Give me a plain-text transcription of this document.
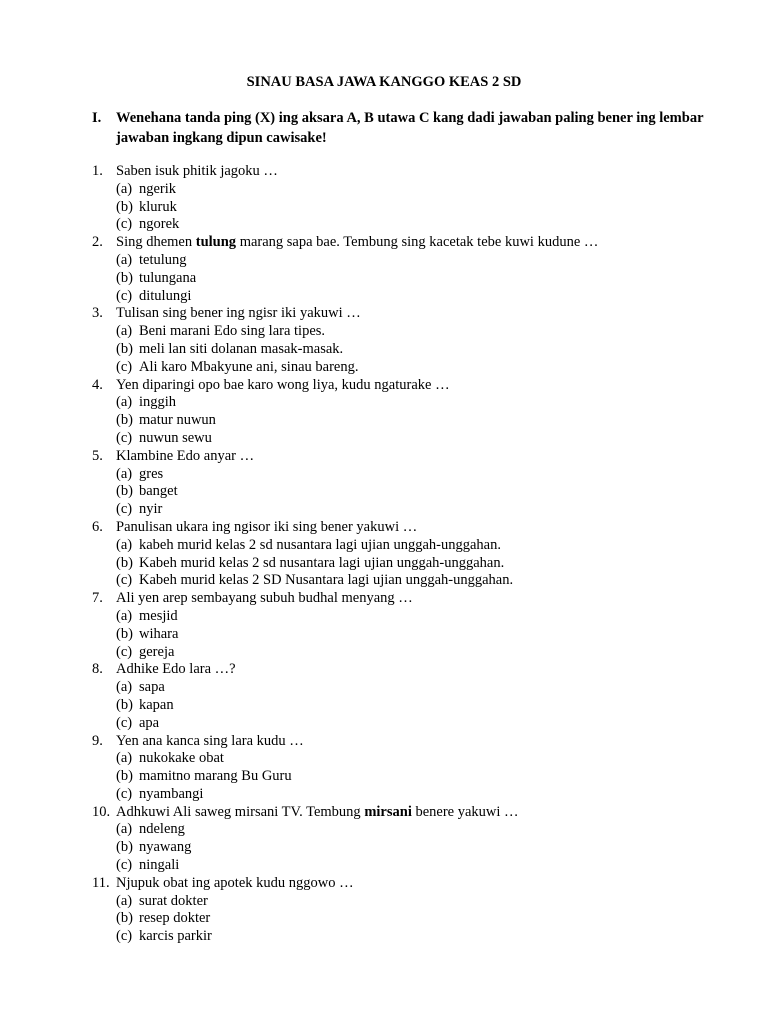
SINAU BASA JAWA KANGGO KEAS 2 SD
I. Wenehana tanda ping (X) ing aksara A, B utawa C kang dadi jawaban paling bener ing lembar jawaban ingkang dipun cawisake!
1. Saben isuk phitik jagoku …
(a) ngerik
(b) kluruk
(c) ngorek
2. Sing dhemen tulung marang sapa bae. Tembung sing kacetak tebe kuwi kudune …
(a) tetulung
(b) tulungana
(c) ditulungi
3. Tulisan sing bener ing ngisr iki yakuwi …
(a) Beni marani Edo sing lara tipes.
(b) meli lan siti dolanan masak-masak.
(c) Ali karo Mbakyune ani, sinau bareng.
4. Yen diparingi opo bae karo wong liya, kudu ngaturake …
(a) inggih
(b) matur nuwun
(c) nuwun sewu
5. Klambine Edo anyar …
(a) gres
(b) banget
(c) nyir
6. Panulisan ukara ing ngisor iki sing bener yakuwi …
(a) kabeh murid kelas 2 sd nusantara lagi ujian unggah-unggahan.
(b) Kabeh murid kelas 2 sd nusantara lagi ujian unggah-unggahan.
(c) Kabeh murid kelas 2 SD Nusantara lagi ujian unggah-unggahan.
7. Ali yen arep sembayang subuh budhal menyang …
(a) mesjid
(b) wihara
(c) gereja
8. Adhike Edo lara …?
(a) sapa
(b) kapan
(c) apa
9. Yen ana kanca sing lara kudu …
(a) nukokake obat
(b) mamitno marang Bu Guru
(c) nyambangi
10. Adhkuwi Ali saweg mirsani TV. Tembung mirsani benere yakuwi …
(a) ndeleng
(b) nyawang
(c) ningali
11. Njupuk obat ing apotek kudu nggowo …
(a) surat dokter
(b) resep dokter
(c) karcis parkir
